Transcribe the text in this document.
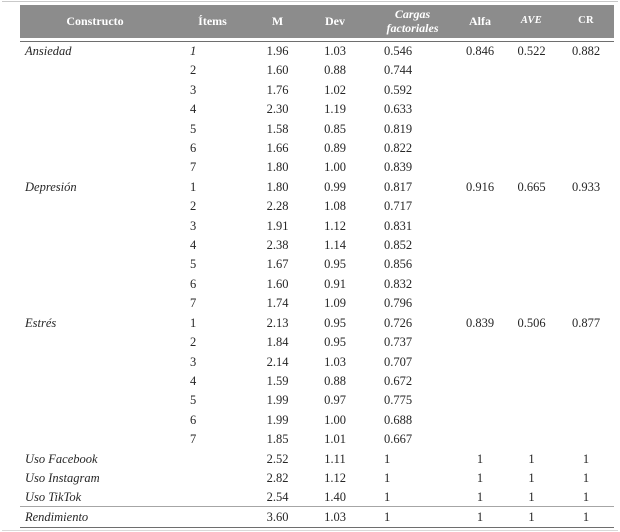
Constructo	Ítems	M	Dev	Cargas factoriales	Alfa	AVE	CR
Ansiedad	1	1.96	1.03	0.546	0.846	0.522	0.882
	2	1.60	0.88	0.744			
	3	1.76	1.02	0.592			
	4	2.30	1.19	0.633			
	5	1.58	0.85	0.819			
	6	1.66	0.89	0.822			
	7	1.80	1.00	0.839			
Depresión	1	1.80	0.99	0.817	0.916	0.665	0.933
	2	2.28	1.08	0.717			
	3	1.91	1.12	0.831			
	4	2.38	1.14	0.852			
	5	1.67	0.95	0.856			
	6	1.60	0.91	0.832			
	7	1.74	1.09	0.796			
Estrés	1	2.13	0.95	0.726	0.839	0.506	0.877
	2	1.84	0.95	0.737			
	3	2.14	1.03	0.707			
	4	1.59	0.88	0.672			
	5	1.99	0.97	0.775			
	6	1.99	1.00	0.688			
	7	1.85	1.01	0.667			
Uso Facebook		2.52	1.11	1	1	1	1
Uso Instagram		2.82	1.12	1	1	1	1
Uso TikTok		2.54	1.40	1	1	1	1
Rendimiento		3.60	1.03	1	1	1	1
